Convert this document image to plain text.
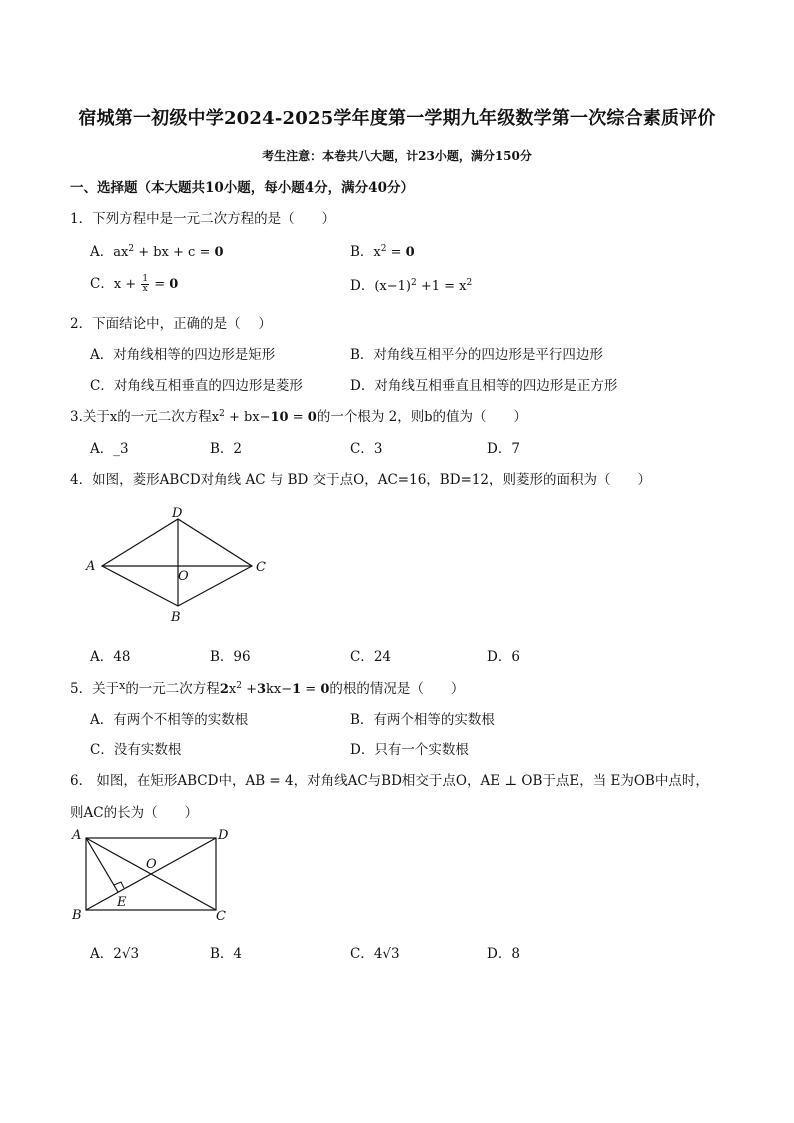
宿城第一初级中学2024-2025学年度第一学期九年级数学第一次综合素质评价
考生注意：本卷共八大题，计23小题，满分150分
一、选择题（本大题共10小题，每小题4分，满分40分）
1．下列方程中是一元二次方程的是（　　）
A．$ax^2$ + bx + c = 0	B．$x^2 = 0$
C．$x + \frac{1}{x} = 0$	D．$(x-1)^2 +1 = x^2$
2．下面结论中，正确的是（　 ）
A．对角线相等的四边形是矩形	B．对角线互相平分的四边形是平行四边形
C．对角线互相垂直的四边形是菱形	D．对角线互相垂直且相等的四边形是正方形
3.关于x的一元二次方程$x^2 + bx-10 = 0$的一个根为 2，则b的值为（　　）
A．_3	B．2	C．3	D．7
4．如图，菱形ABCD对角线 AC 与 BD 交于点O，AC=16，BD=12，则菱形的面积为（　　）
A
D
C
B
O
A．48	B．96	C．24	D．6
5．关于$^x$的一元二次方程$2x^2 +3kx-1 = 0$的根的情况是（　　）
A．有两个不相等的实数根	B．有两个相等的实数根
C．没有实数根	D．只有一个实数根
6． 如图，在矩形ABCD中，AB = 4，对角线AC与BD相交于点O，AE ⊥ OB于点E，当 E为OB中点时，
则AC的长为（　　）
A	D
B	C
O
E
A．2√3	B．4	C．4√3	D．8
